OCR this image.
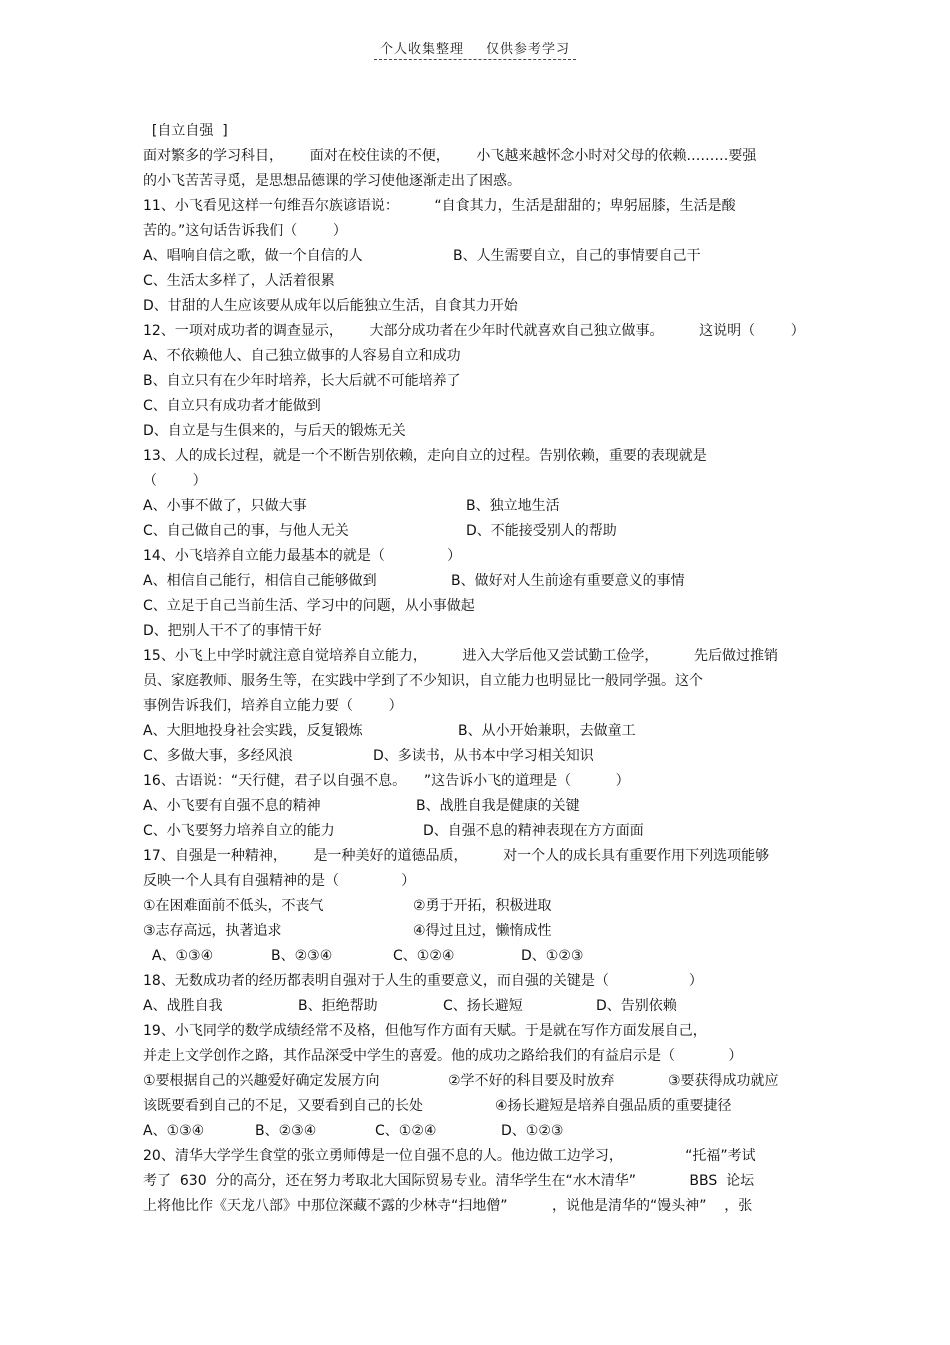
个人收集整理 仅供参考学习
[自立自强  ]
面对繁多的学习科目，      面对在校住读的不便，      小飞越来越怀念小时对父母的依赖………要强
的小飞苦苦寻觅，是思想品德课的学习使他逐渐走出了困惑。
11、小飞看见这样一句维吾尔族谚语说：        “自食其力，生活是甜甜的；卑躬屈膝，生活是酸
苦的。”这句话告诉我们（        ）
A、唱响自信之歌，做一个自信的人	B、人生需要自立，自己的事情要自己干
C、生活太多样了，人活着很累
D、甘甜的人生应该要从成年以后能独立生活，自食其力开始
12、一项对成功者的调查显示，      大部分成功者在少年时代就喜欢自己独立做事。        这说明（        ）
A、不依赖他人、自己独立做事的人容易自立和成功
B、自立只有在少年时培养，长大后就不可能培养了
C、自立只有成功者才能做到
D、自立是与生俱来的，与后天的锻炼无关
13、人的成长过程，就是一个不断告别依赖，走向自立的过程。告别依赖，重要的表现就是
（        ）
A、小事不做了，只做大事	B、独立地生活
C、自己做自己的事，与他人无关	D、不能接受别人的帮助
14、小飞培养自立能力最基本的就是（              ）
A、相信自己能行，相信自己能够做到	B、做好对人生前途有重要意义的事情
C、立足于自己当前生活、学习中的问题，从小事做起
D、把别人干不了的事情干好
15、小飞上中学时就注意自觉培养自立能力，        进入大学后他又尝试勤工俭学，        先后做过推销
员、家庭教师、服务生等，在实践中学到了不少知识，自立能力也明显比一般同学强。这个
事例告诉我们，培养自立能力要（        ）
A、大胆地投身社会实践，反复锻炼	B、从小开始兼职，去做童工
C、多做大事，多经风浪	D、多读书，从书本中学习相关知识
16、古语说：“天行健，君子以自强不息。    ”这告诉小飞的道理是（          ）
A、小飞要有自强不息的精神	B、战胜自我是健康的关键
C、小飞要努力培养自立的能力	D、自强不息的精神表现在方方面面
17、自强是一种精神，      是一种美好的道德品质，        对一个人的成长具有重要作用下列选项能够
反映一个人具有自强精神的是（              ）
①在困难面前不低头，不丧气	②勇于开拓，积极进取
③志存高远，执著追求	④得过且过，懒惰成性
A、①③④	B、②③④	C、①②④	D、①②③
18、无数成功者的经历都表明自强对于人生的重要意义，而自强的关键是（                  ）
A、战胜自我	B、拒绝帮助	C、扬长避短	D、告别依赖
19、小飞同学的数学成绩经常不及格，但他写作方面有天赋。于是就在写作方面发展自己，
并走上文学创作之路，其作品深受中学生的喜爱。他的成功之路给我们的有益启示是（            ）
①要根据自己的兴趣爱好确定发展方向	②学不好的科目要及时放弃	③要获得成功就应
该既要看到自己的不足，又要看到自己的长处	④扬长避短是培养自强品质的重要捷径
A、①③④	B、②③④	C、①②④	D、①②③
20、清华大学学生食堂的张立勇师傅是一位自强不息的人。他边做工边学习，              “托福”考试
考了  630  分的高分，还在努力考取北大国际贸易专业。清华学生在“水木清华”            BBS  论坛
上将他比作《天龙八部》中那位深藏不露的少林寺“扫地僧”          ，说他是清华的“馒头神”    ，张
